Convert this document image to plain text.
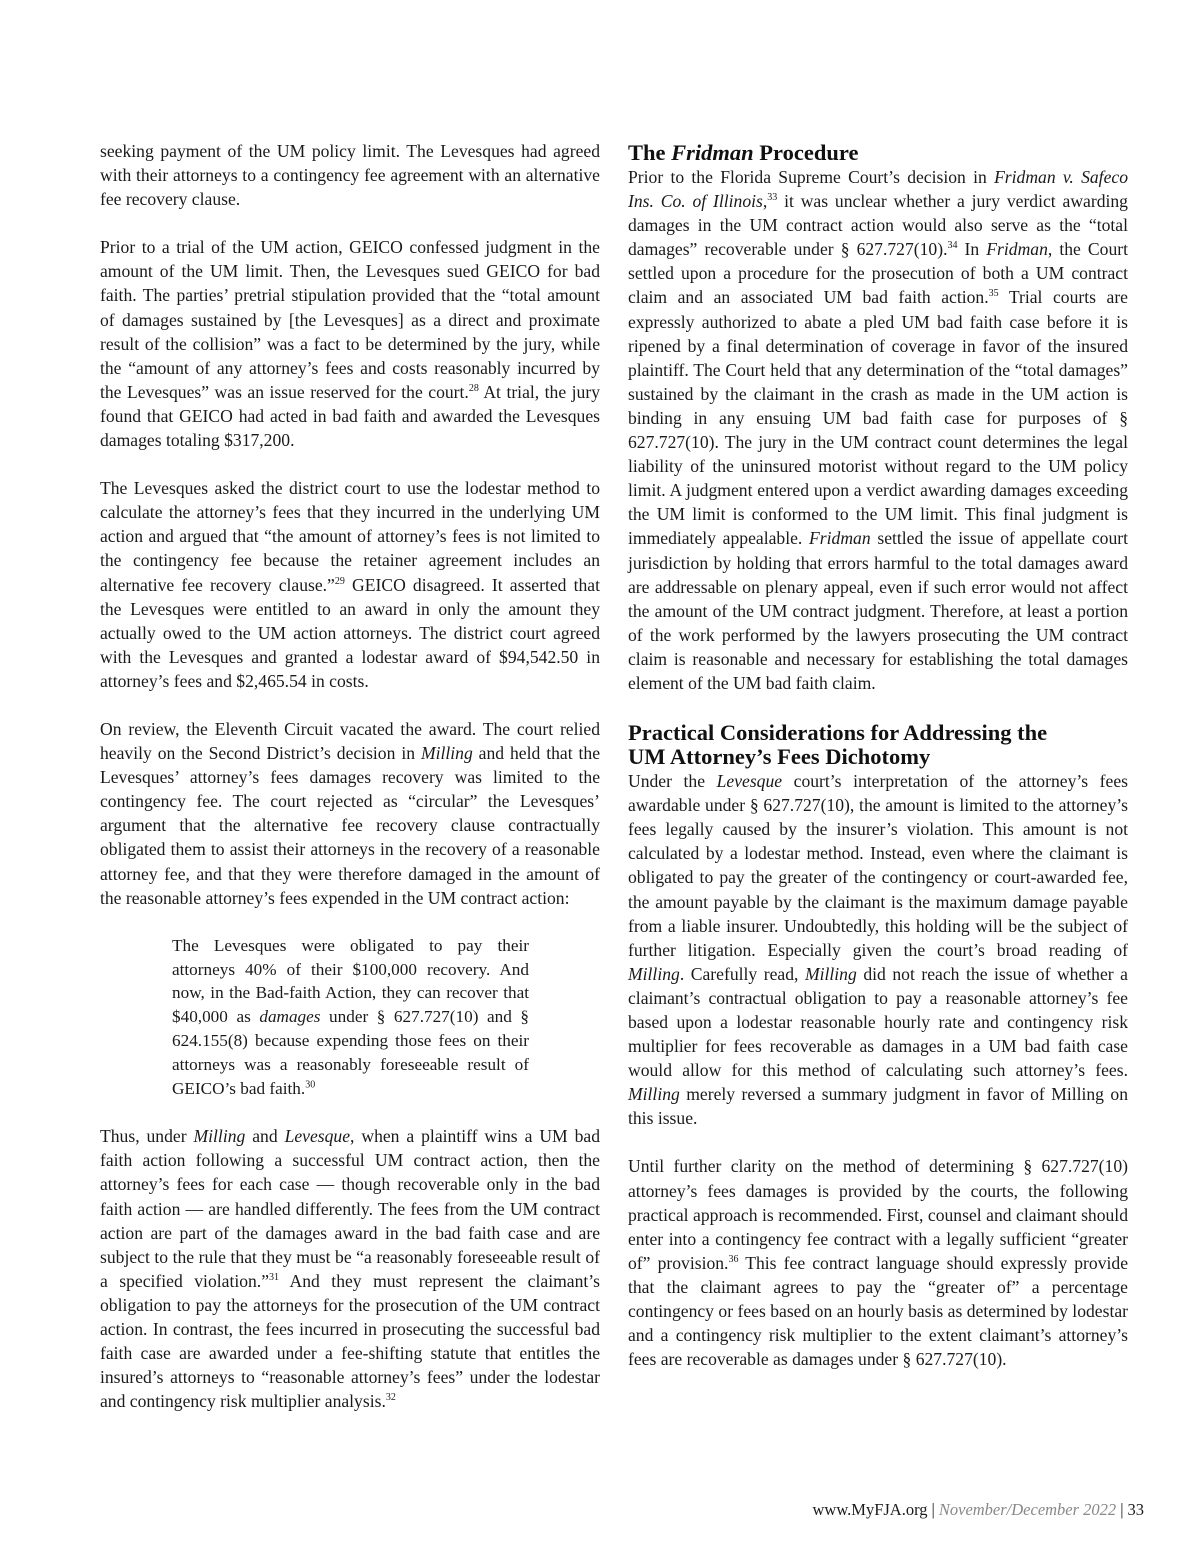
seeking payment of the UM policy limit. The Levesques had agreed with their attorneys to a contingency fee agreement with an alternative fee recovery clause.

Prior to a trial of the UM action, GEICO confessed judgment in the amount of the UM limit. Then, the Levesques sued GEICO for bad faith. The parties’ pretrial stipulation provided that the “total amount of damages sustained by [the Levesques] as a direct and proximate result of the collision” was a fact to be determined by the jury, while the “amount of any attorney’s fees and costs reasonably incurred by the Levesques” was an issue reserved for the court.$^{28}$ At trial, the jury found that GEICO had acted in bad faith and awarded the Levesques damages totaling $317,200.

The Levesques asked the district court to use the lodestar method to calculate the attorney’s fees that they incurred in the underlying UM action and argued that “the amount of attorney’s fees is not limited to the contingency fee because the retainer agreement includes an alternative fee recovery clause.”$^{29}$ GEICO disagreed. It asserted that the Levesques were entitled to an award in only the amount they actually owed to the UM action attorneys. The district court agreed with the Levesques and granted a lodestar award of $94,542.50 in attorney’s fees and $2,465.54 in costs.

On review, the Eleventh Circuit vacated the award. The court relied heavily on the Second District’s decision in Milling and held that the Levesques’ attorney’s fees damages recovery was limited to the contingency fee. The court rejected as “circular” the Levesques’ argument that the alternative fee recovery clause contractually obligated them to assist their attorneys in the recovery of a reasonable attorney fee, and that they were therefore damaged in the amount of the reasonable attorney’s fees expended in the UM contract action:

The Levesques were obligated to pay their attorneys 40% of their $100,000 recovery. And now, in the Bad-faith Action, they can recover that $40,000 as damages under § 627.727(10) and § 624.155(8) because expending those fees on their attorneys was a reasonably foreseeable result of GEICO’s bad faith.$^{30}$

Thus, under Milling and Levesque, when a plaintiff wins a UM bad faith action following a successful UM contract action, then the attorney’s fees for each case — though recoverable only in the bad faith action — are handled differently. The fees from the UM contract action are part of the damages award in the bad faith case and are subject to the rule that they must be “a reasonably foreseeable result of a specified violation.”$^{31}$ And they must represent the claimant’s obligation to pay the attorneys for the prosecution of the UM contract action. In contrast, the fees incurred in prosecuting the successful bad faith case are awarded under a fee-shifting statute that entitles the insured’s attorneys to “reasonable attorney’s fees” under the lodestar and contingency risk multiplier analysis.$^{32}$

The Fridman Procedure

Prior to the Florida Supreme Court’s decision in Fridman v. Safeco Ins. Co. of Illinois,$^{33}$ it was unclear whether a jury verdict awarding damages in the UM contract action would also serve as the “total damages” recoverable under § 627.727(10).$^{34}$ In Fridman, the Court settled upon a procedure for the prosecution of both a UM contract claim and an associated UM bad faith action.$^{35}$ Trial courts are expressly authorized to abate a pled UM bad faith case before it is ripened by a final determination of coverage in favor of the insured plaintiff. The Court held that any determination of the “total damages” sustained by the claimant in the crash as made in the UM action is binding in any ensuing UM bad faith case for purposes of § 627.727(10). The jury in the UM contract count determines the legal liability of the uninsured motorist without regard to the UM policy limit. A judgment entered upon a verdict awarding damages exceeding the UM limit is conformed to the UM limit. This final judgment is immediately appealable. Fridman settled the issue of appellate court jurisdiction by holding that errors harmful to the total damages award are addressable on plenary appeal, even if such error would not affect the amount of the UM contract judgment. Therefore, at least a portion of the work performed by the lawyers prosecuting the UM contract claim is reasonable and necessary for establishing the total damages element of the UM bad faith claim.

Practical Considerations for Addressing the
UM Attorney’s Fees Dichotomy

Under the Levesque court’s interpretation of the attorney’s fees awardable under § 627.727(10), the amount is limited to the attorney’s fees legally caused by the insurer’s violation. This amount is not calculated by a lodestar method. Instead, even where the claimant is obligated to pay the greater of the contingency or court-awarded fee, the amount payable by the claimant is the maximum damage payable from a liable insurer. Undoubtedly, this holding will be the subject of further litigation. Especially given the court’s broad reading of Milling. Carefully read, Milling did not reach the issue of whether a claimant’s contractual obligation to pay a reasonable attorney’s fee based upon a lodestar reasonable hourly rate and contingency risk multiplier for fees recoverable as damages in a UM bad faith case would allow for this method of calculating such attorney’s fees. Milling merely reversed a summary judgment in favor of Milling on this issue.

Until further clarity on the method of determining § 627.727(10) attorney’s fees damages is provided by the courts, the following practical approach is recommended. First, counsel and claimant should enter into a contingency fee contract with a legally sufficient “greater of” provision.$^{36}$ This fee contract language should expressly provide that the claimant agrees to pay the “greater of” a percentage contingency or fees based on an hourly basis as determined by lodestar and a contingency risk multiplier to the extent claimant’s attorney’s fees are recoverable as damages under § 627.727(10).

www.MyFJA.org | November/December 2022 | 33
